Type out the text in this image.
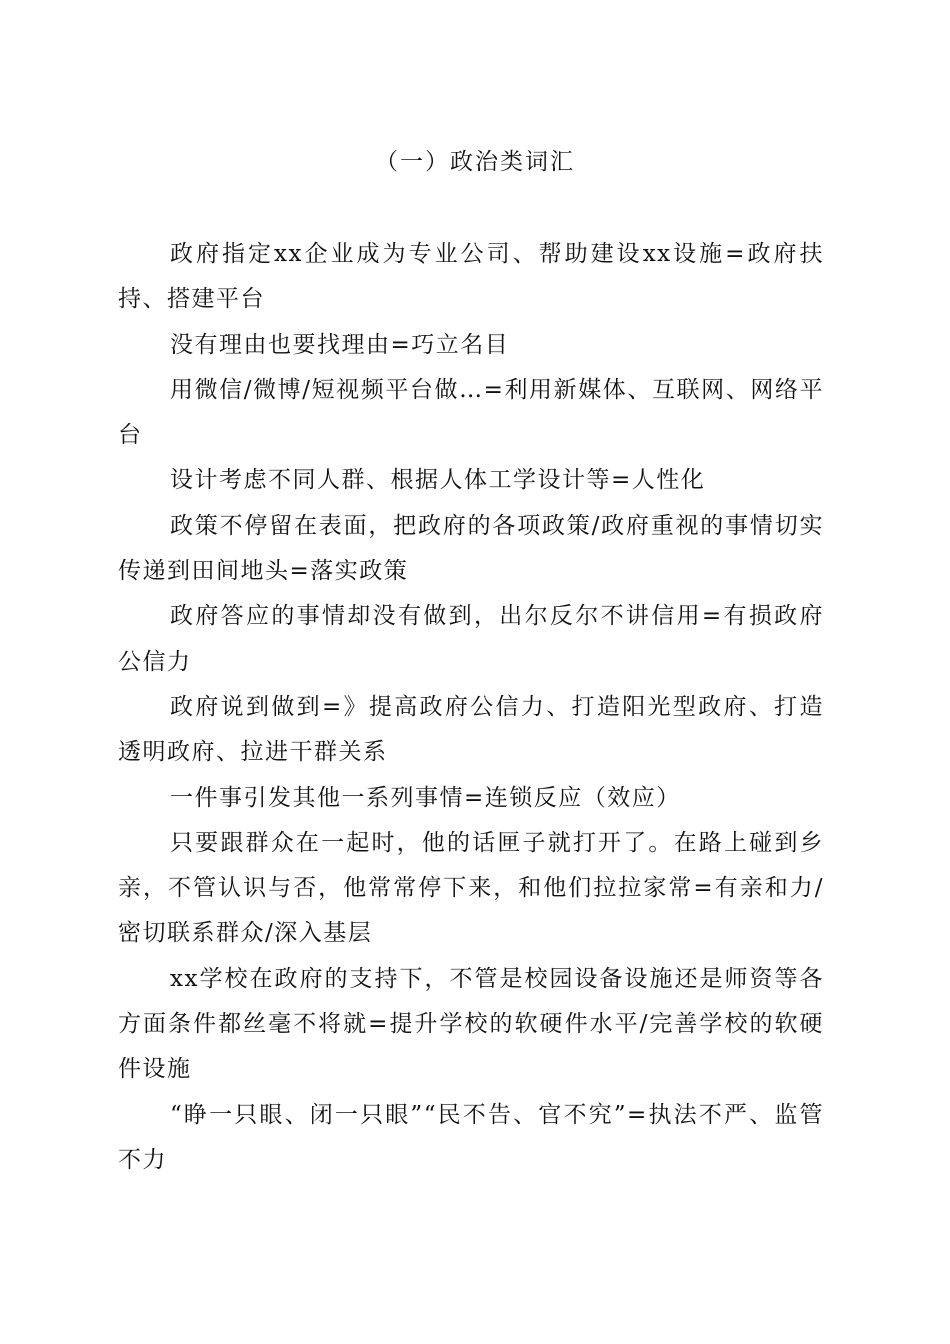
（一）政治类词汇

政府指定xx企业成为专业公司、帮助建设xx设施=政府扶持、搭建平台

没有理由也要找理由=巧立名目

用微信/微博/短视频平台做…=利用新媒体、互联网、网络平台

设计考虑不同人群、根据人体工学设计等=人性化

政策不停留在表面，把政府的各项政策/政府重视的事情切实传递到田间地头=落实政策

政府答应的事情却没有做到，出尔反尔不讲信用=有损政府公信力

政府说到做到=》提高政府公信力、打造阳光型政府、打造透明政府、拉进干群关系

一件事引发其他一系列事情=连锁反应（效应）

只要跟群众在一起时，他的话匣子就打开了。在路上碰到乡亲，不管认识与否，他常常停下来，和他们拉拉家常=有亲和力/密切联系群众/深入基层

xx学校在政府的支持下，不管是校园设备设施还是师资等各方面条件都丝毫不将就=提升学校的软硬件水平/完善学校的软硬件设施

“睁一只眼、闭一只眼”“民不告、官不究”=执法不严、监管不力
